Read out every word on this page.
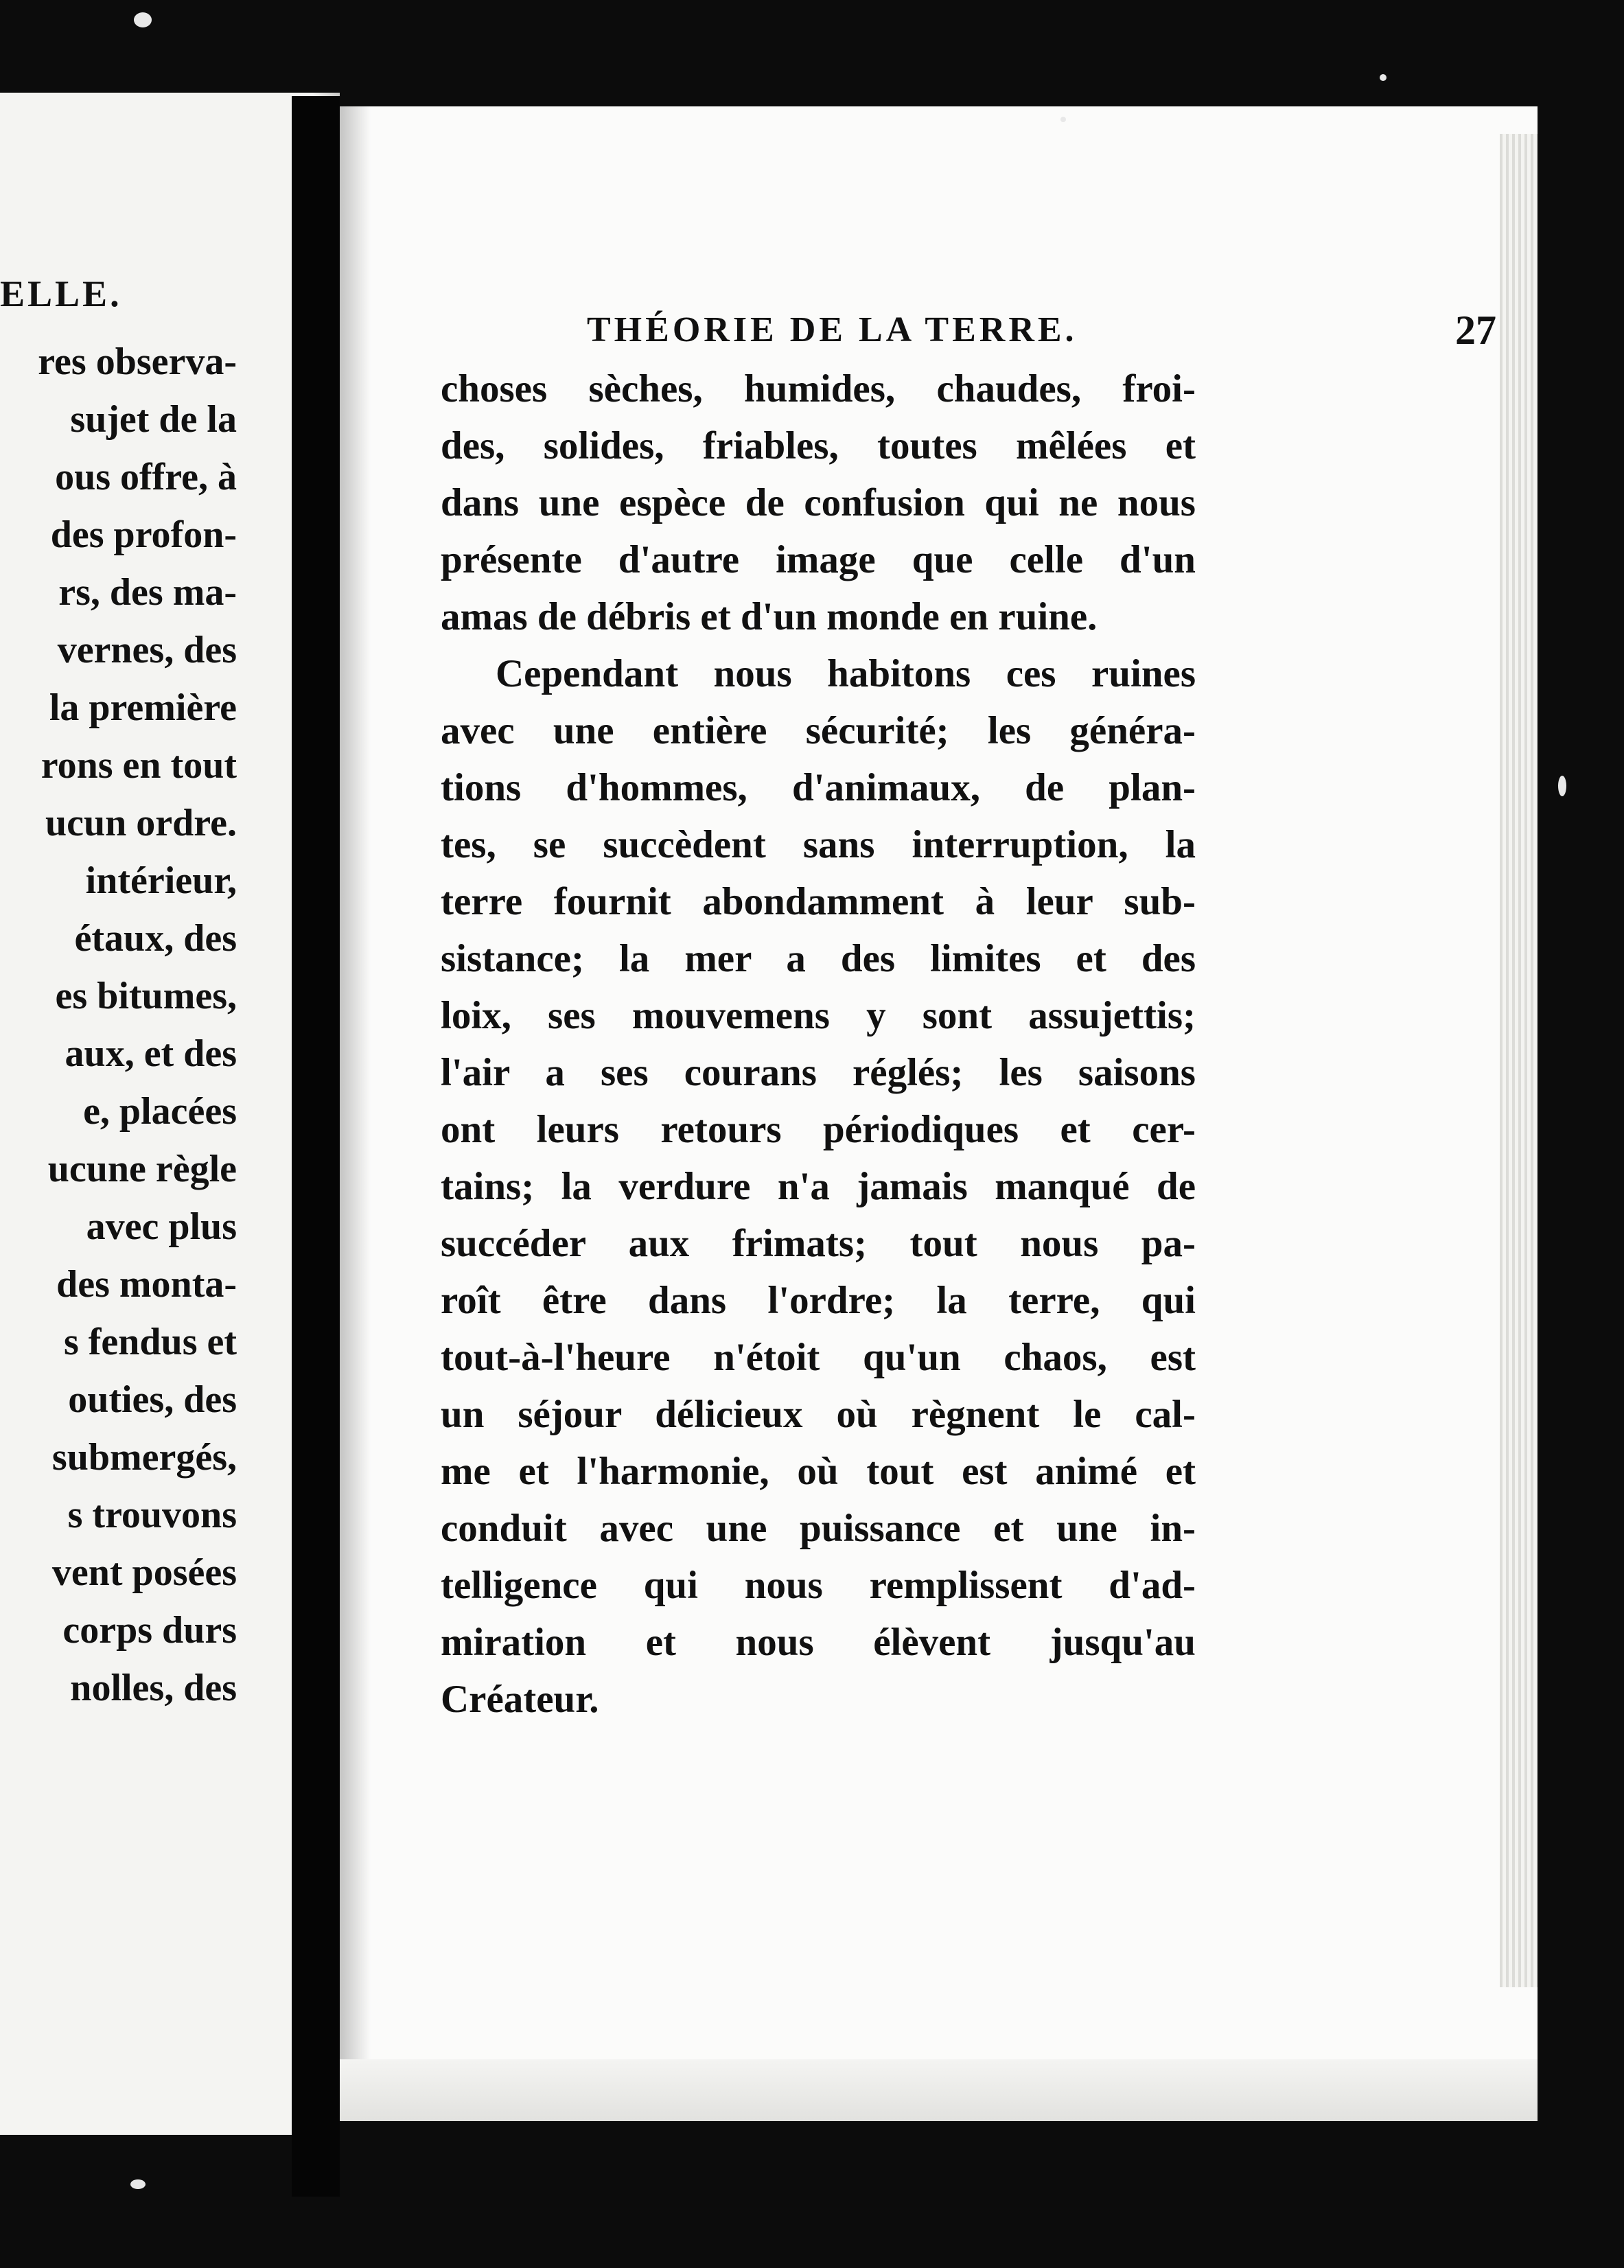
ELLE.
res observa-
sujet de la
ous offre, à
des profon-
rs, des ma-
vernes, des
la première
rons en tout
ucun ordre.
intérieur,
étaux, des
es bitumes,
aux, et des
e, placées
ucune règle
avec plus
des monta-
s fendus et
outies, des
submergés,
s trouvons
vent posées
corps durs
nolles, des
THÉORIE DE LA TERRE.	27
choses sèches, humides, chaudes, froi-
des, solides, friables, toutes mêlées et
dans une espèce de confusion qui ne nous
présente d'autre image que celle d'un
amas de débris et d'un monde en ruine.
Cependant nous habitons ces ruines
avec une entière sécurité; les généra-
tions d'hommes, d'animaux, de plan-
tes, se succèdent sans interruption, la
terre fournit abondamment à leur sub-
sistance; la mer a des limites et des
loix, ses mouvemens y sont assujettis;
l'air a ses courans réglés; les saisons
ont leurs retours périodiques et cer-
tains; la verdure n'a jamais manqué de
succéder aux frimats; tout nous pa-
roît être dans l'ordre; la terre, qui
tout-à-l'heure n'étoit qu'un chaos, est
un séjour délicieux où règnent le cal-
me et l'harmonie, où tout est animé et
conduit avec une puissance et une in-
telligence qui nous remplissent d'ad-
miration et nous élèvent jusqu'au
Créateur.
